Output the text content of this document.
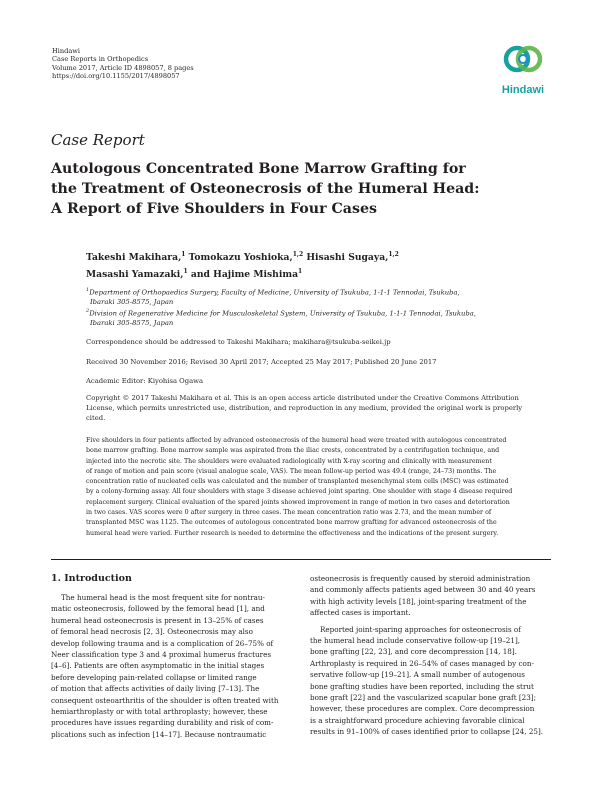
Hindawi
Case Reports in Orthopedics
Volume 2017, Article ID 4898057, 8 pages
https://doi.org/10.1155/2017/4898057
Hindawi
Case Report
Autologous Concentrated Bone Marrow Grafting for
the Treatment of Osteonecrosis of the Humeral Head:
A Report of Five Shoulders in Four Cases
Takeshi Makihara,$^1$ Tomokazu Yoshioka,$^{1,2}$ Hisashi Sugaya,$^{1,2}$
Masashi Yamazaki,$^1$ and Hajime Mishima$^1$
$^1$Department of Orthopaedics Surgery, Faculty of Medicine, University of Tsukuba, 1-1-1 Tennodai, Tsukuba,
Ibaraki 305-8575, Japan
$^2$Division of Regenerative Medicine for Musculoskeletal System, University of Tsukuba, 1-1-1 Tennodai, Tsukuba,
Ibaraki 305-8575, Japan
Correspondence should be addressed to Takeshi Makihara; makihara@tsukuba-seikei.jp
Received 30 November 2016; Revised 30 April 2017; Accepted 25 May 2017; Published 20 June 2017
Academic Editor: Kiyohisa Ogawa
Copyright © 2017 Takeshi Makihara et al. This is an open access article distributed under the Creative Commons Attribution
License, which permits unrestricted use, distribution, and reproduction in any medium, provided the original work is properly
cited.
Five shoulders in four patients affected by advanced osteonecrosis of the humeral head were treated with autologous concentrated
bone marrow grafting. Bone marrow sample was aspirated from the iliac crests, concentrated by a centrifugation technique, and
injected into the necrotic site. The shoulders were evaluated radiologically with X-ray scoring and clinically with measurement
of range of motion and pain score (visual analogue scale, VAS). The mean follow-up period was 49.4 (range, 24–73) months. The
concentration ratio of nucleated cells was calculated and the number of transplanted mesenchymal stem cells (MSC) was estimated
by a colony-forming assay. All four shoulders with stage 3 disease achieved joint sparing. One shoulder with stage 4 disease required
replacement surgery. Clinical evaluation of the spared joints showed improvement in range of motion in two cases and deterioration
in two cases. VAS scores were 0 after surgery in three cases. The mean concentration ratio was 2.73, and the mean number of
transplanted MSC was 1125. The outcomes of autologous concentrated bone marrow grafting for advanced osteonecrosis of the
humeral head were varied. Further research is needed to determine the effectiveness and the indications of the present surgery.
1. Introduction
The humeral head is the most frequent site for nontrau-
matic osteonecrosis, followed by the femoral head [1], and
humeral head osteonecrosis is present in 13–25% of cases
of femoral head necrosis [2, 3]. Osteonecrosis may also
develop following trauma and is a complication of 26–75% of
Neer classification type 3 and 4 proximal humerus fractures
[4–6]. Patients are often asymptomatic in the initial stages
before developing pain-related collapse or limited range
of motion that affects activities of daily living [7–13]. The
consequent osteoarthritis of the shoulder is often treated with
hemiarthroplasty or with total arthroplasty; however, these
procedures have issues regarding durability and risk of com-
plications such as infection [14–17]. Because nontraumatic
osteonecrosis is frequently caused by steroid administration
and commonly affects patients aged between 30 and 40 years
with high activity levels [18], joint-sparing treatment of the
affected cases is important.
Reported joint-sparing approaches for osteonecrosis of
the humeral head include conservative follow-up [19–21],
bone grafting [22, 23], and core decompression [14, 18].
Arthroplasty is required in 26–54% of cases managed by con-
servative follow-up [19–21]. A small number of autogenous
bone grafting studies have been reported, including the strut
bone graft [22] and the vascularized scapular bone graft [23];
however, these procedures are complex. Core decompression
is a straightforward procedure achieving favorable clinical
results in 91–100% of cases identified prior to collapse [24, 25].
